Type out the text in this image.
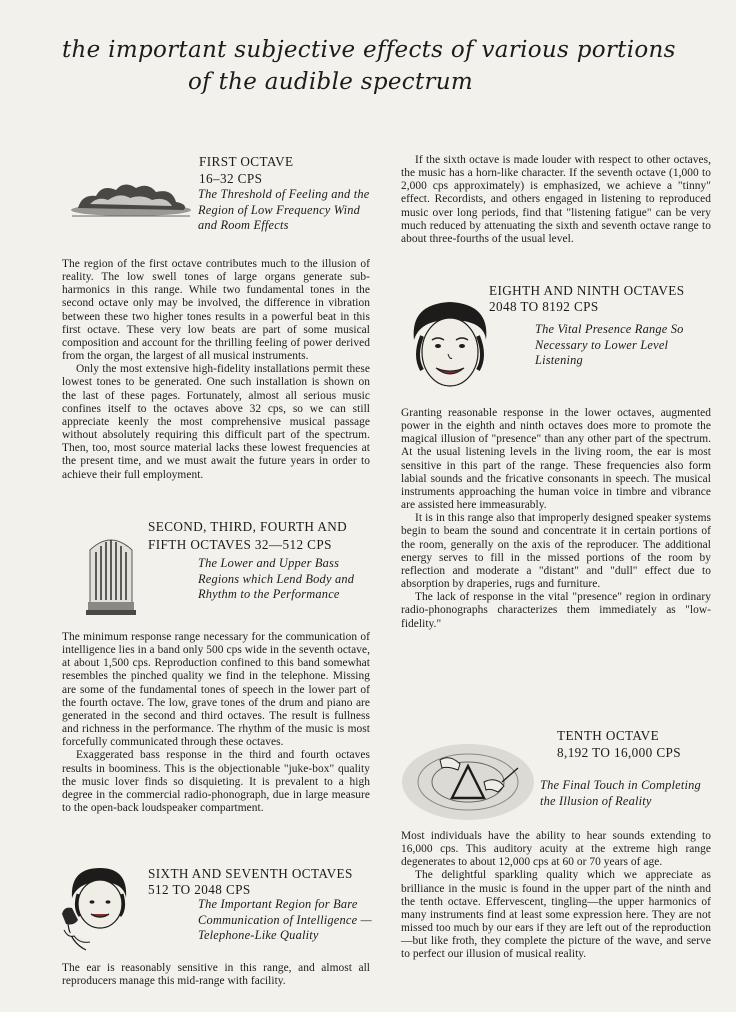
the important subjective effects of various portions
of the audible spectrum
FIRST OCTAVE
16–32 CPS
The Threshold of Feeling and the Region of Low Frequency Wind and Room Effects

The region of the first octave contributes much to the illusion of reality. The low swell tones of large organs generate sub-harmonics in this range. While two fundamental tones in the second octave only may be involved, the difference in vibration between these two higher tones results in a powerful beat in this first octave. These very low beats are part of some musical composition and account for the thrilling feeling of power derived from the organ, the largest of all musical instruments.

Only the most extensive high-fidelity installations permit these lowest tones to be generated. One such installation is shown on the last of these pages. Fortunately, almost all serious music confines itself to the octaves above 32 cps, so we can still appreciate keenly the most comprehensive musical passage without absolutely requiring this difficult part of the spectrum. Then, too, most source material lacks these lowest frequencies at the present time, and we must await the future years in order to achieve their full employment.

SECOND, THIRD, FOURTH AND
FIFTH OCTAVES 32—512 CPS
The Lower and Upper Bass Regions which Lend Body and Rhythm to the Performance

The minimum response range necessary for the communication of intelligence lies in a band only 500 cps wide in the seventh octave, at about 1,500 cps. Reproduction confined to this band somewhat resembles the pinched quality we find in the telephone. Missing are some of the fundamental tones of speech in the lower part of the fourth octave. The low, grave tones of the drum and piano are generated in the second and third octaves. The result is fullness and richness in the performance. The rhythm of the music is most forcefully communicated through these octaves.

Exaggerated bass response in the third and fourth octaves results in boominess. This is the objectionable "juke-box" quality the music lover finds so disquieting. It is prevalent to a high degree in the commercial radio-phonograph, due in large measure to the open-back loudspeaker compartment.

SIXTH AND SEVENTH OCTAVES
512 TO 2048 CPS
The Important Region for Bare Communication of Intelligence — Telephone-Like Quality

The ear is reasonably sensitive in this range, and almost all reproducers manage this mid-range with facility.

If the sixth octave is made louder with respect to other octaves, the music has a horn-like character. If the seventh octave (1,000 to 2,000 cps approximately) is emphasized, we achieve a "tinny" effect. Recordists, and others engaged in listening to reproduced music over long periods, find that "listening fatigue" can be very much reduced by attenuating the sixth and seventh octave range to about three-fourths of the usual level.

EIGHTH AND NINTH OCTAVES
2048 TO 8192 CPS
The Vital Presence Range So Necessary to Lower Level Listening

Granting reasonable response in the lower octaves, augmented power in the eighth and ninth octaves does more to promote the magical illusion of "presence" than any other part of the spectrum. At the usual listening levels in the living room, the ear is most sensitive in this part of the range. These frequencies also form labial sounds and the fricative consonants in speech. The musical instruments approaching the human voice in timbre and vibrance are assisted here immeasurably.

It is in this range also that improperly designed speaker systems begin to beam the sound and concentrate it in certain portions of the room, generally on the axis of the reproducer. The additional energy serves to fill in the missed portions of the room by reflection and moderate a "distant" and "dull" effect due to absorption by draperies, rugs and furniture.

The lack of response in the vital "presence" region in ordinary radio-phonographs characterizes them immediately as "low-fidelity."

TENTH OCTAVE
8,192 TO 16,000 CPS
The Final Touch in Completing the Illusion of Reality

Most individuals have the ability to hear sounds extending to 16,000 cps. This auditory acuity at the extreme high range degenerates to about 12,000 cps at 60 or 70 years of age.

The delightful sparkling quality which we appreciate as brilliance in the music is found in the upper part of the ninth and the tenth octave. Effervescent, tingling—the upper harmonics of many instruments find at least some expression here. They are not missed too much by our ears if they are left out of the reproduction—but like froth, they complete the picture of the wave, and serve to perfect our illusion of musical reality.
